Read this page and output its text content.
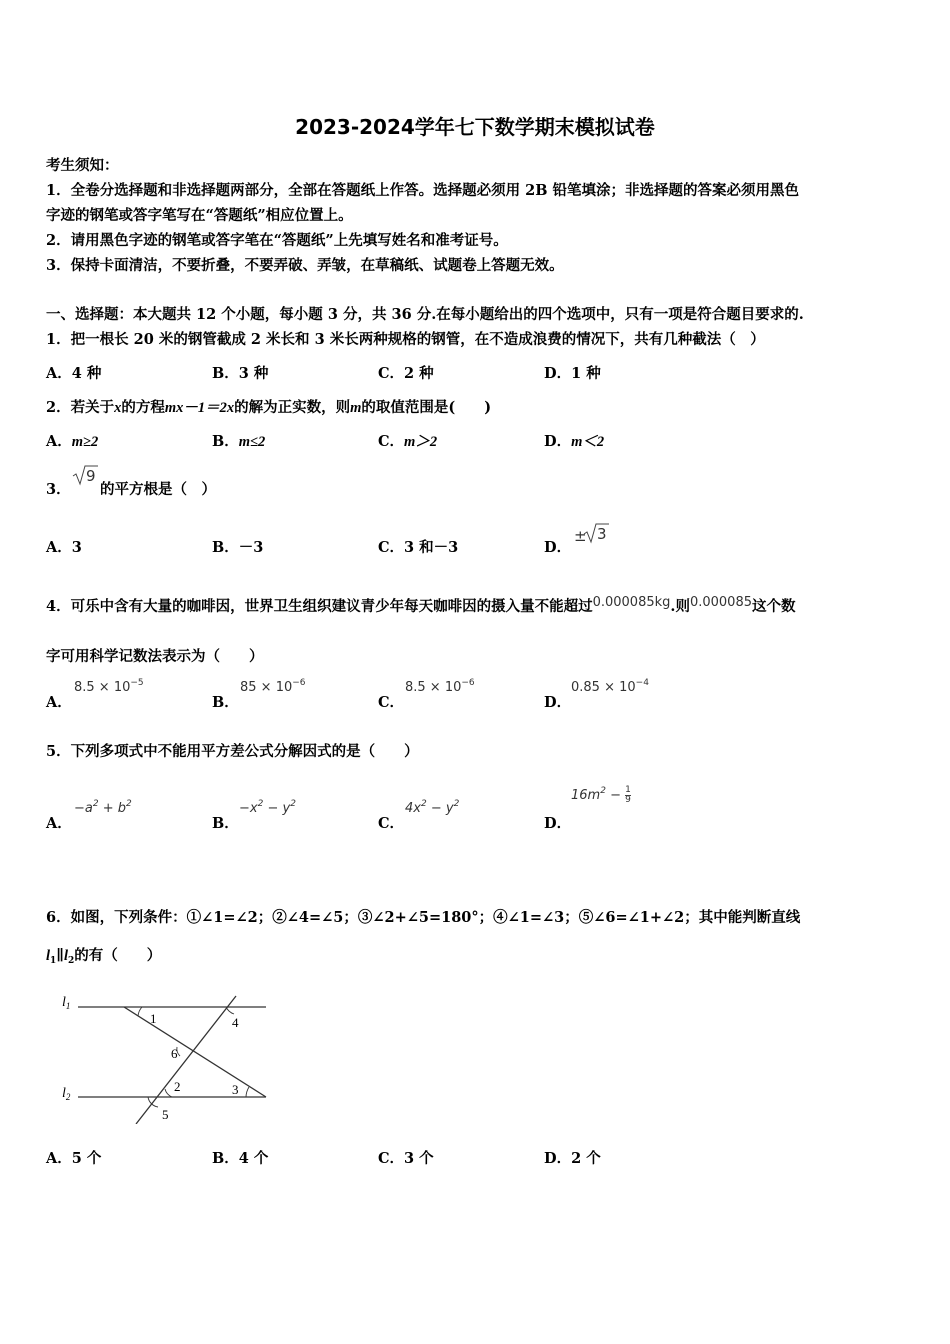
2023-2024学年七下数学期末模拟试卷
考生须知：
1．全卷分选择题和非选择题两部分，全部在答题纸上作答。选择题必须用 2B 铅笔填涂；非选择题的答案必须用黑色
字迹的钢笔或答字笔写在“答题纸”相应位置上。
2．请用黑色字迹的钢笔或答字笔在“答题纸”上先填写姓名和准考证号。
3．保持卡面清洁，不要折叠，不要弄破、弄皱，在草稿纸、试题卷上答题无效。
一、选择题：本大题共 12 个小题，每小题 3 分，共 36 分.在每小题给出的四个选项中，只有一项是符合题目要求的.
1．把一根长 20 米的钢管截成 2 米长和 3 米长两种规格的钢管，在不造成浪费的情况下，共有几种截法（　）
A．4 种	B．3 种	C．2 种	D．1 种
2．若关于x的方程mx－1＝2x的解为正实数，则m的取值范围是(　　)
A．m≥2	B．m≤2	C．m＞2	D．m＜2
3．
9
的平方根是（　）
A．3	B．－3	C．3 和－3	D．
± 3
4．可乐中含有大量的咖啡因，世界卫生组织建议青少年每天咖啡因的摄入量不能超过0.000085kg.则0.000085这个数
字可用科学记数法表示为（　　）
A．
$8.5 \times 10^{-5}$
B．
$85 \times 10^{-6}$
C．
$8.5 \times 10^{-6}$
D．
$0.85 \times 10^{-4}$
5．下列多项式中不能用平方差公式分解因式的是（　　）
A．
$-a^2 + b^2$
B．
$-x^2 - y^2$
C．
$4x^2 - y^2$
D．
$16m^2 - \frac{1}{9}$
6．如图，下列条件：①∠1=∠2；②∠4=∠5；③∠2+∠5=180°；④∠1=∠3；⑤∠6=∠1+∠2；其中能判断直线
$l_1\parallel l_2$的有（　　）
$l_1$
$l_2$
1	4
6
2	3
5
A．5 个	B．4 个	C．3 个	D．2 个
